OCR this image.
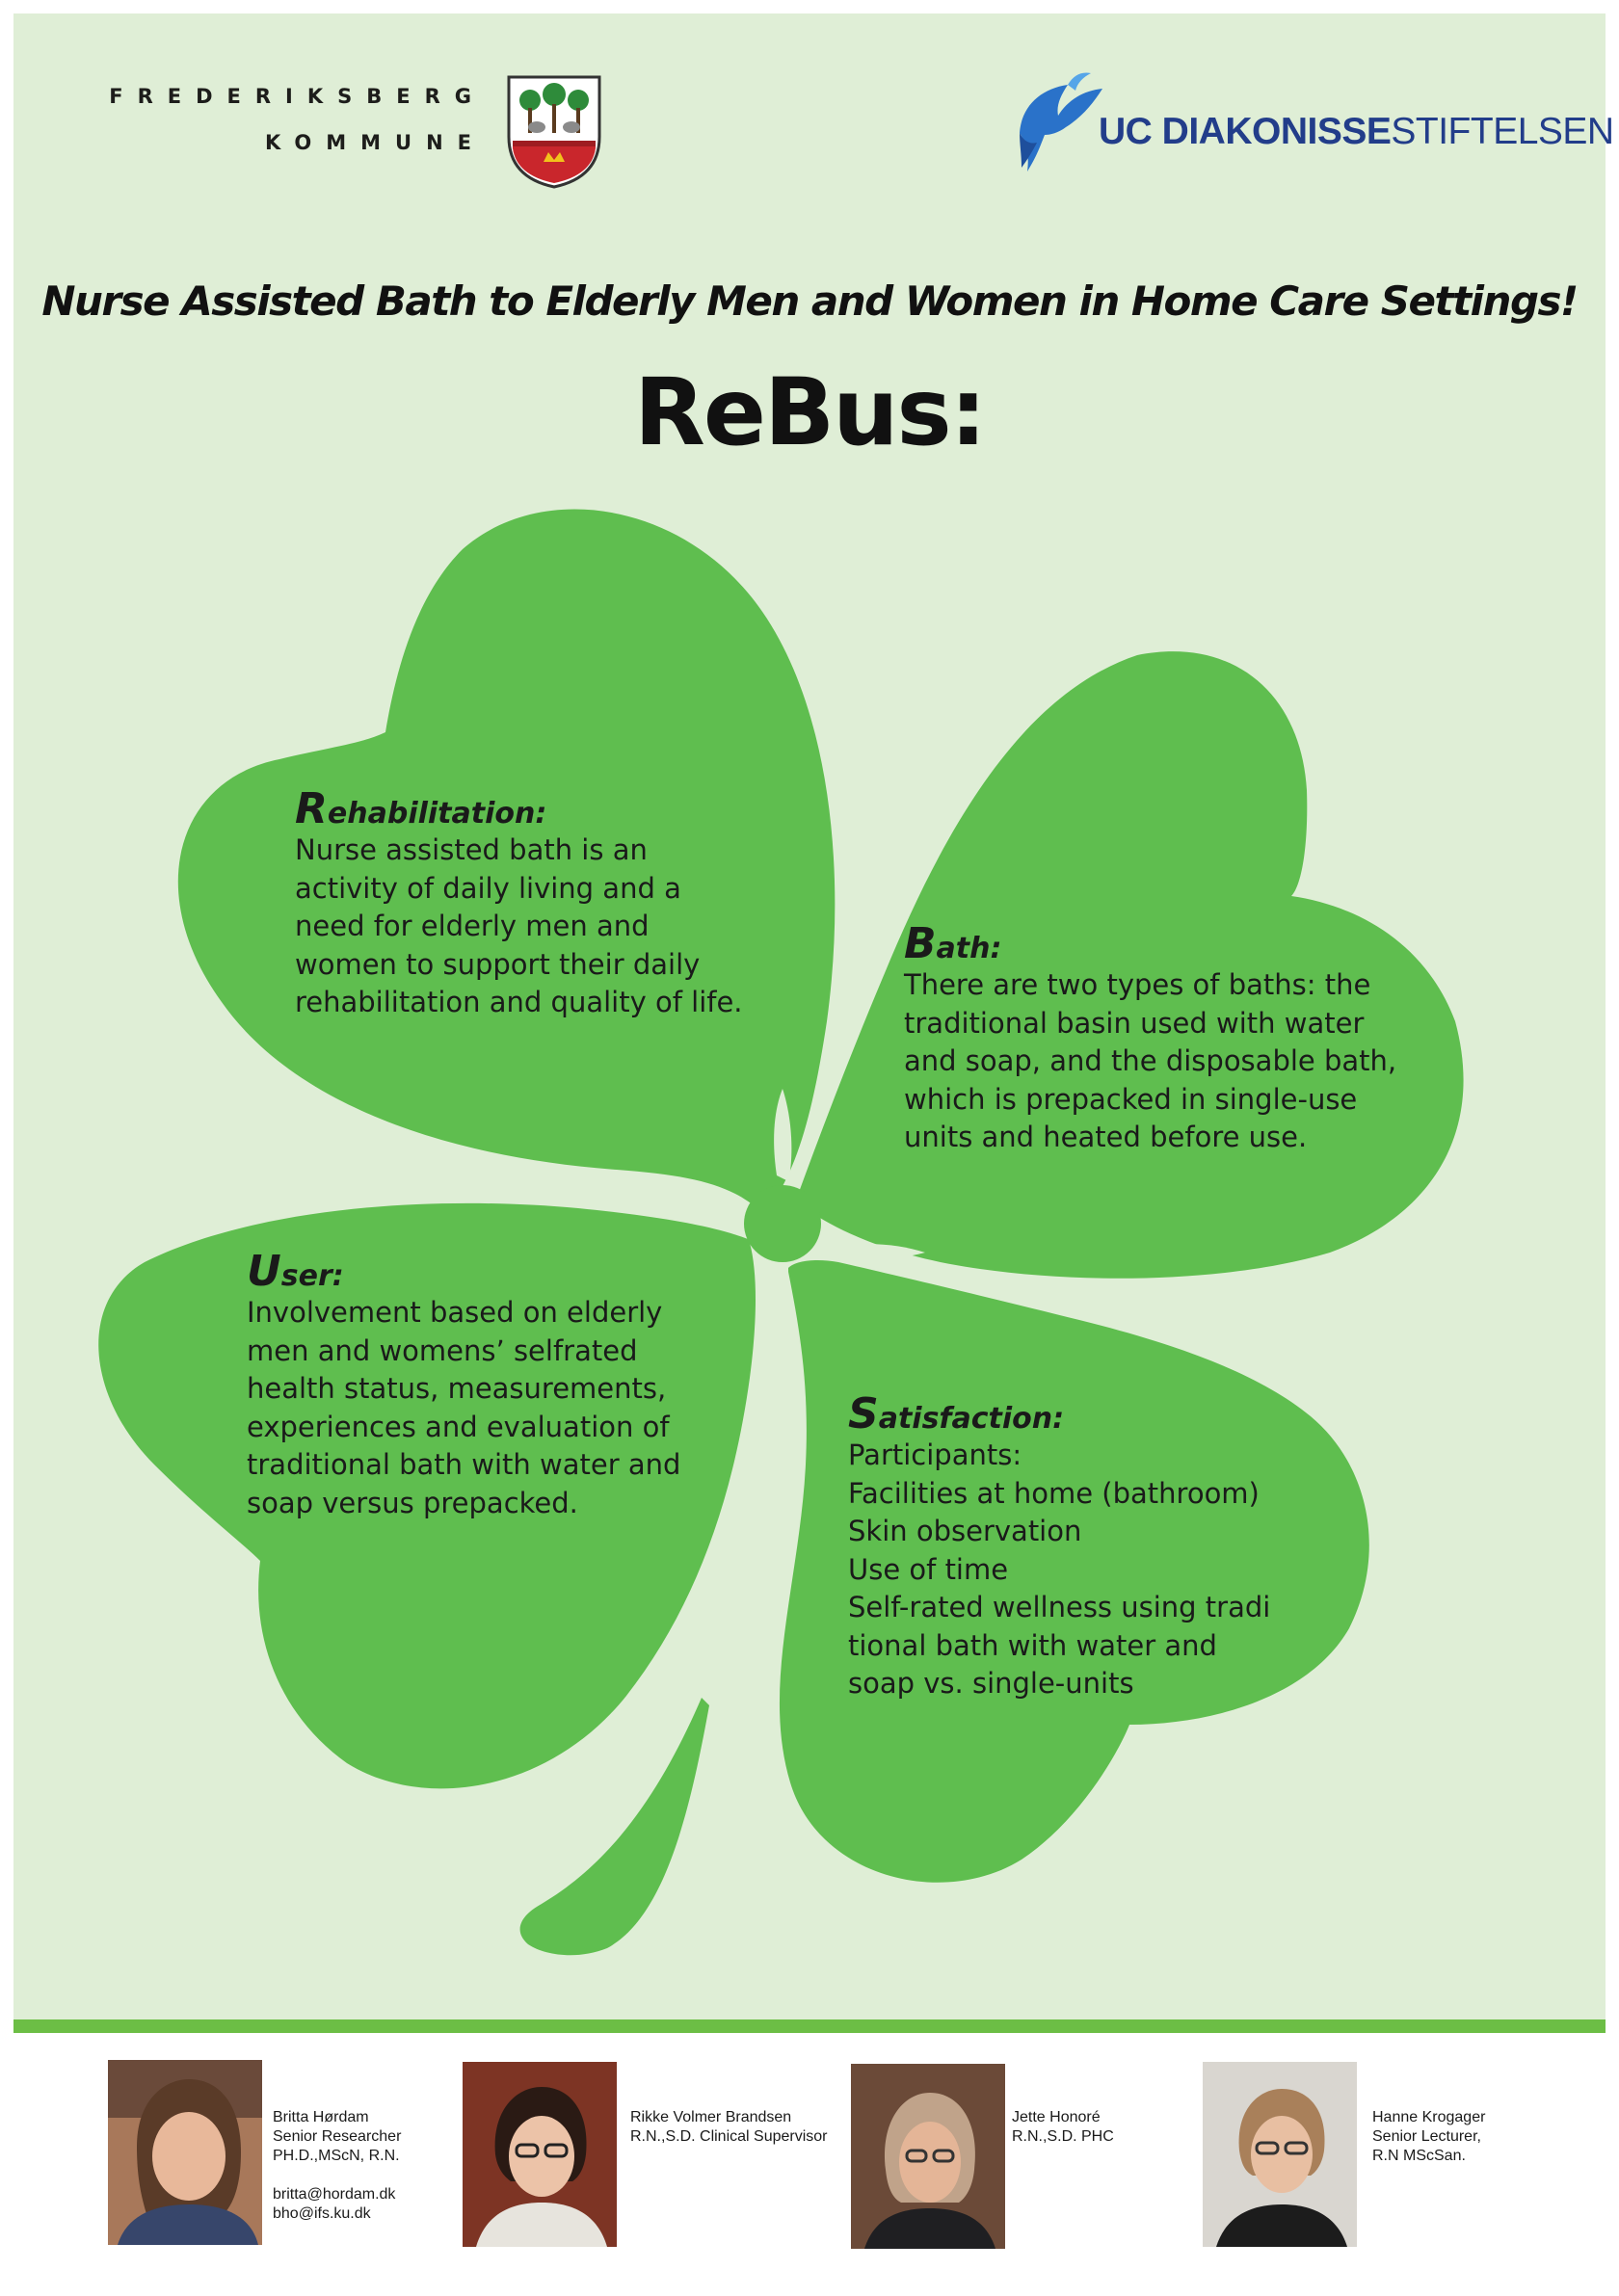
FREDERIKSBERG
KOMMUNE	UC DIAKONISSESTIFTELSEN
Nurse Assisted Bath to Elderly Men and Women in Home Care Settings!
ReBus:
Rehabilitation:
Nurse assisted bath is an
activity of daily living and a
need for elderly men and
women to support their daily
rehabilitation and quality of life.
Bath:
There are two types of baths: the
traditional basin used with water
and soap, and the disposable bath,
which is prepacked in single-use
units and heated before use.
User:
Involvement based on elderly
men and womens’ selfrated
health status, measurements,
experiences and evaluation of
traditional bath with water and
soap versus prepacked.
Satisfaction:
Participants:
Facilities at home (bathroom)
Skin observation
Use of time
Self-rated wellness using tradi
tional bath with water and
soap vs. single-units
Britta Hørdam
Senior Researcher
PH.D.,MScN, R.N.
britta@hordam.dk
bho@ifs.ku.dk
Rikke Volmer Brandsen
R.N.,S.D. Clinical Supervisor
Jette Honoré
R.N.,S.D. PHC
Hanne Krogager
Senior Lecturer,
R.N MScSan.
